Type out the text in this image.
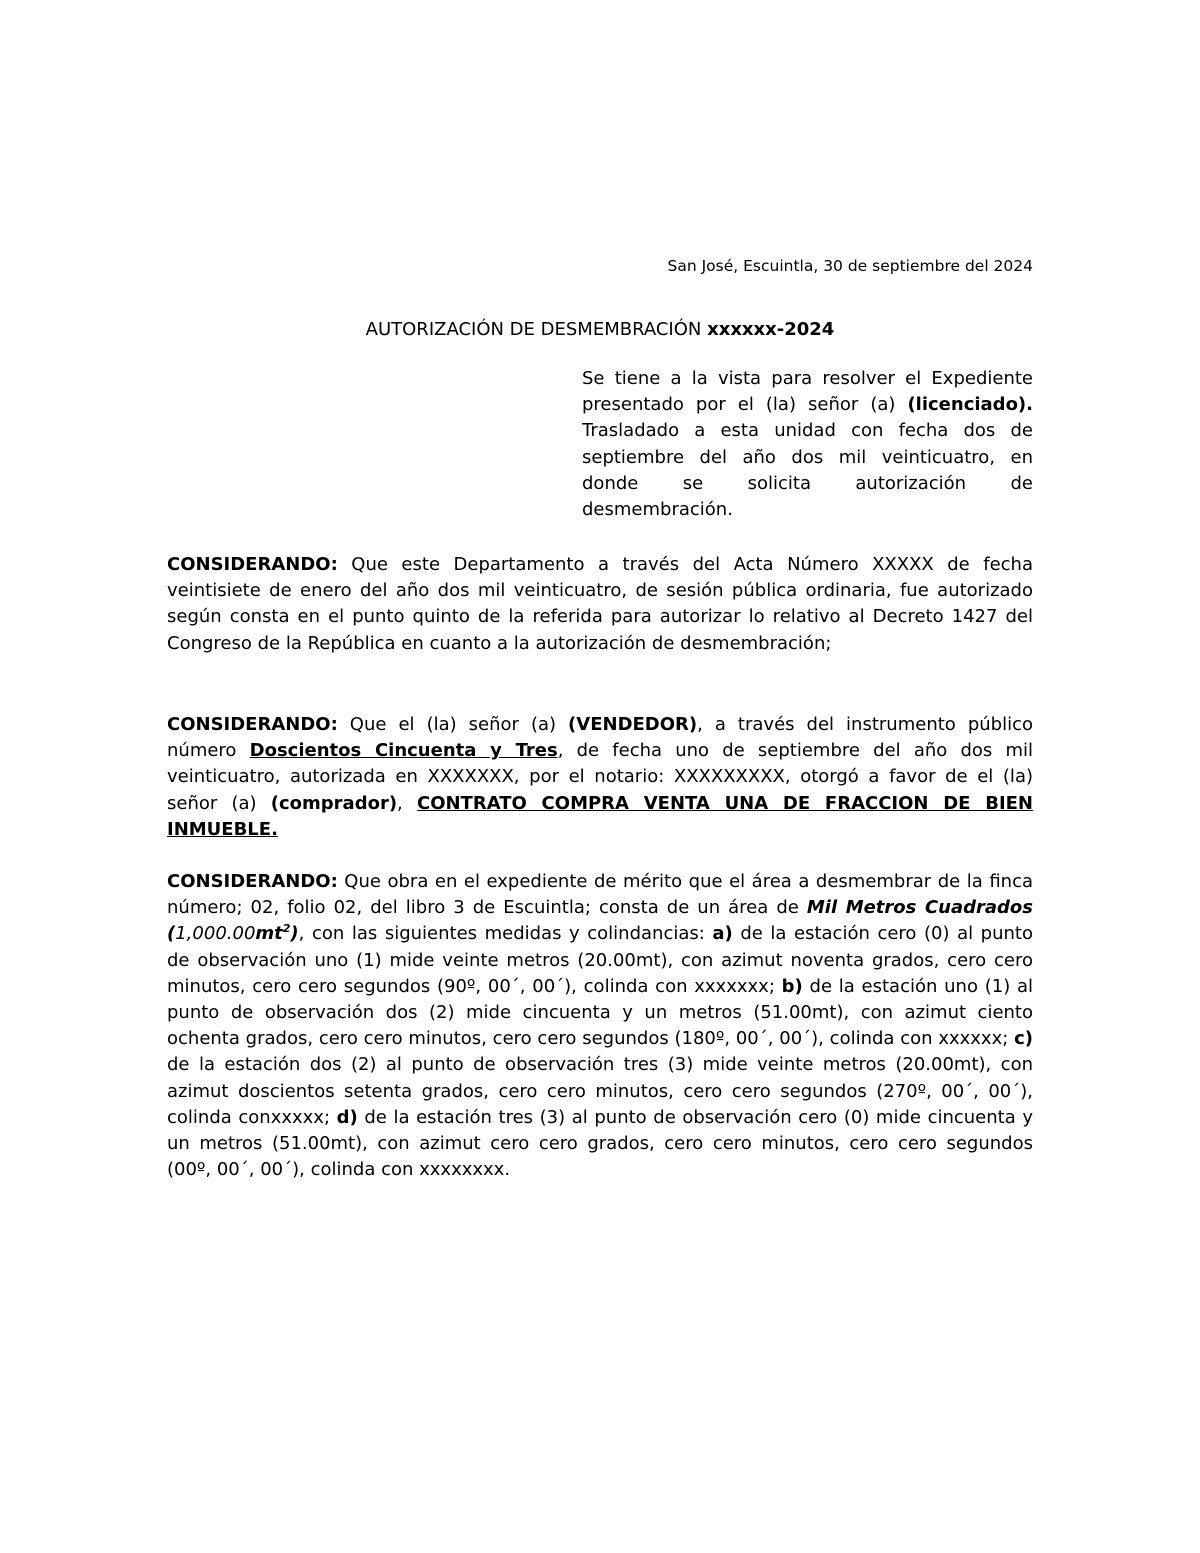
San José, Escuintla, 30 de septiembre del 2024
AUTORIZACIÓN DE DESMEMBRACIÓN xxxxxx-2024
Se tiene a la vista para resolver el Expediente presentado por el (la) señor (a) (licenciado). Trasladado a esta unidad con fecha dos de septiembre del año dos mil veinticuatro, en donde se solicita autorización de desmembración.

CONSIDERANDO: Que este Departamento a través del Acta Número XXXXX de fecha veintisiete de enero del año dos mil veinticuatro, de sesión pública ordinaria, fue autorizado según consta en el punto quinto de la referida para autorizar lo relativo al Decreto 1427 del Congreso de la República en cuanto a la autorización de desmembración;

CONSIDERANDO: Que el (la) señor (a) (VENDEDOR), a través del instrumento público número Doscientos Cincuenta y Tres, de fecha uno de septiembre del año dos mil veinticuatro, autorizada en XXXXXXX, por el notario: XXXXXXXXX, otorgó a favor de el (la) señor (a) (comprador), CONTRATO COMPRA VENTA UNA DE FRACCION DE BIEN INMUEBLE.

CONSIDERANDO: Que obra en el expediente de mérito que el área a desmembrar de la finca número; 02, folio 02, del libro 3 de Escuintla; consta de un área de Mil Metros Cuadrados $(1,000.00mt^2)$, con las siguientes medidas y colindancias: a) de la estación cero (0) al punto de observación uno (1) mide veinte metros (20.00mt), con azimut noventa grados, cero cero minutos, cero cero segundos (90º, 00´, 00´), colinda con xxxxxxx; b) de la estación uno (1) al punto de observación dos (2) mide cincuenta y un metros (51.00mt), con azimut ciento ochenta grados, cero cero minutos, cero cero segundos (180º, 00´, 00´), colinda con xxxxxx; c) de la estación dos (2) al punto de observación tres (3) mide veinte metros (20.00mt), con azimut doscientos setenta grados, cero cero minutos, cero cero segundos (270º, 00´, 00´), colinda conxxxxx; d) de la estación tres (3) al punto de observación cero (0) mide cincuenta y un metros (51.00mt), con azimut cero cero grados, cero cero minutos, cero cero segundos (00º, 00´, 00´), colinda con xxxxxxxx.
